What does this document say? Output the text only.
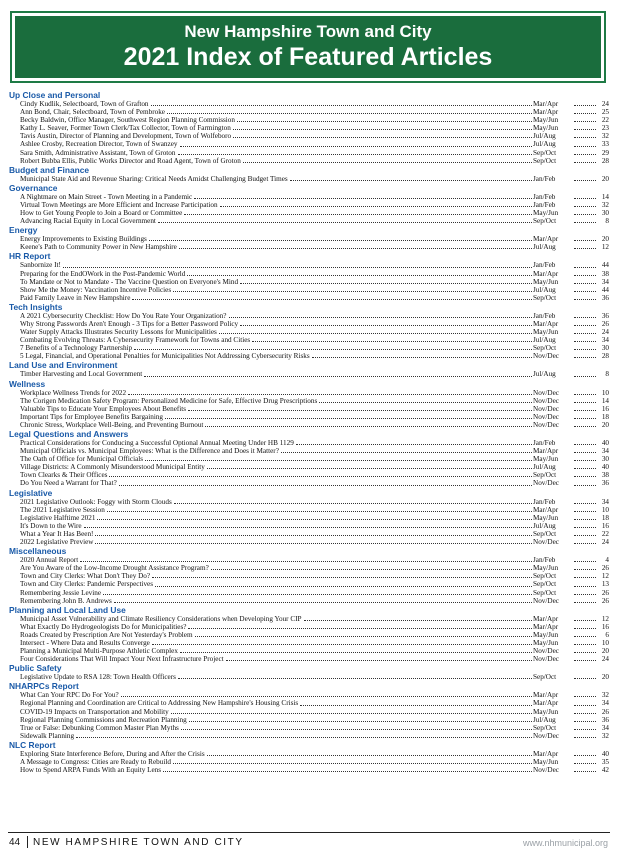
New Hampshire Town and City
2021 Index of Featured Articles
Up Close and Personal
Cindy Kudlik, Selectboard, Town of Grafton	Mar/Apr	24
Ann Bond, Chair, Selectboard, Town of Pembroke	Mar/Apr	25
Becky Baldwin, Office Manager, Southwest Region Planning Commission	May/Jun	22
Kathy L. Seaver, Former Town Clerk/Tax Collector, Town of Farmington	May/Jun	23
Tavis Austin, Director of Planning and Development, Town of Wolfeboro	Jul/Aug	32
Ashlee Crosby, Recreation Director, Town of Swanzey	Jul/Aug	33
Sara Smith, Administrative Assistant, Town of Groton	Sep/Oct	29
Robert Bubba Ellis, Public Works Director and Road Agent, Town of Groton	Sep/Oct	28
Budget and Finance
Municipal State Aid and Revenue Sharing: Critical Needs Amidst Challenging Budget Times	Jan/Feb	20
Governance
A Nightmare on Main Street - Town Meeting in a Pandemic	Jan/Feb	14
Virtual Town Meetings are More Efficient and Increase Participation	Jan/Feb	32
How to Get Young People to Join a Board or Committee	May/Jun	30
Advancing Racial Equity in Local Government	Sep/Oct	8
Energy
Energy Improvements to Existing Buildings	Mar/Apr	20
Keene's Path to Community Power in New Hampshire	Jul/Aug	12
HR Report
Sanbornize It!	Jan/Feb	44
Preparing for the EndOWork in the Post-Pandemic World	Mar/Apr	38
To Mandate or Not to Mandate - The Vaccine Question on Everyone's Mind	May/Jun	34
Show Me the Money: Vaccination Incentive Policies	Jul/Aug	44
Paid Family Leave in New Hampshire	Sep/Oct	36
Tech Insights
A 2021 Cybersecurity Checklist: How Do You Rate Your Organization?	Jan/Feb	36
Why Strong Passwords Aren't Enough - 3 Tips for a Better Password Policy	Mar/Apr	26
Water Supply Attacks Illustrates Security Lessons for Municipalities	May/Jun	24
Combating Evolving Threats: A Cybersecurity Framework for Towns and Cities	Jul/Aug	34
7 Benefits of a Technology Partnership	Sep/Oct	30
5 Legal, Financial, and Operational Penalties for Municipalities Not Addressing Cybersecurity Risks	Nov/Dec	28
Land Use and Environment
Timber Harvesting and Local Government	Jul/Aug	8
Wellness
Workplace Wellness Trends for 2022	Nov/Dec	10
The Corigen Medication Safety Program: Personalized Medicine for Safe, Effective Drug Prescriptions	Nov/Dec	14
Valuable Tips to Educate Your Employees About Benefits	Nov/Dec	16
Important Tips for Employee Benefits Bargaining	Nov/Dec	18
Chronic Stress, Workplace Well-Being, and Preventing Burnout	Nov/Dec	20
Legal Questions and Answers
Practical Considerations for Conducing a Successful Optional Annual Meeting Under HB 1129	Jan/Feb	40
Municipal Officials vs. Municipal Employees: What is the Difference and Does it Matter?	Mar/Apr	34
The Oath of Office for Municipal Officials	May/Jun	30
Village Districts: A Commonly Misunderstood Municipal Entity	Jul/Aug	40
Town Clearks & Their Offices	Sep/Oct	38
Do You Need a Warrant for That?	Nov/Dec	36
Legislative
2021 Legislative Outlook: Foggy with Storm Clouds	Jan/Feb	34
The 2021 Legislative Session	Mar/Apr	10
Legislative Halftime 2021	May/Jun	18
It's Down to the Wire	Jul/Aug	16
What a Year It Has Been!	Sep/Oct	22
2022 Legislative Preview	Nov/Dec	24
Miscellaneous
2020 Annual Report	Jan/Feb	4
Are You Aware of the Low-Income Drought Assistance Program?	May/Jun	26
Town and City Clerks: What Don't They Do?	Sep/Oct	12
Town and City Clerks: Pandemic Perspectives	Sep/Oct	13
Remembering Jessie Levine	Sep/Oct	26
Remembering John B. Andrews	Nov/Dec	26
Planning and Local Land Use
Municipal Asset Vulnerability and Climate Resiliency Considerations when Developing Your CIP	Mar/Apr	12
What Exactly Do Hydrogeologists Do for Municipalities?	Mar/Apr	16
Roads Created by Prescription Are Not Yesterday's Problem	May/Jun	6
Intersect - Where Data and Results Converge	May/Jun	10
Planning a Municipal Multi-Purpose Athletic Complex	Nov/Dec	20
Four Considerations That Will Impact Your Next Infrastructure Project	Nov/Dec	24
Public Safety
Legislative Update to RSA 128: Town Health Officers	Sep/Oct	20
NHARPCs Report
What Can Your RPC Do For You?	Mar/Apr	32
Regional Planning and Coordination are Critical to Addressing New Hampshire's Housing Crisis	Mar/Apr	34
COVID-19 Impacts on Transportation and Mobility	May/Jun	26
Regional Planning Commissions and Recreation Planning	Jul/Aug	36
True or False: Debunking Common Master Plan Myths	Sep/Oct	34
Sidewalk Planning	Nov/Dec	32
NLC Report
Exploring State Interference Before, During and After the Crisis	Mar/Apr	40
A Message to Congress: Cities are Ready to Rebuild	May/Jun	35
How to Spend ARPA Funds With an Equity Lens	Nov/Dec	42
44 NEW HAMPSHIRE TOWN AND CITY	www.nhmunicipal.org
